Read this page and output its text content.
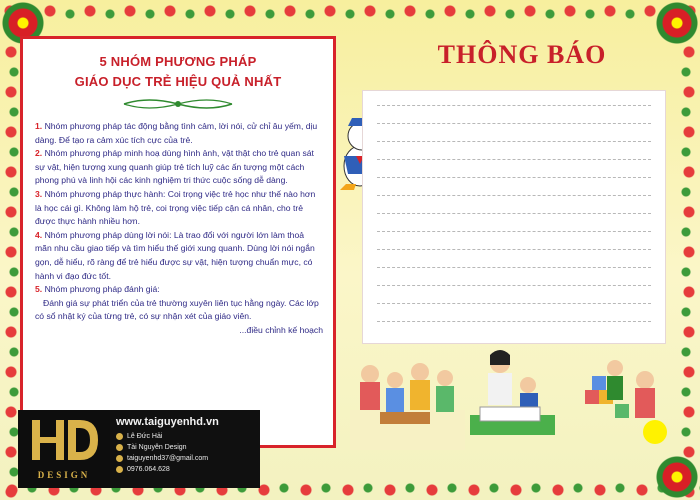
5 NHÓM PHƯƠNG PHÁP
GIÁO DỤC TRẺ HIỆU QUẢ NHẤT

1. Nhóm phương pháp tác động bằng tình cảm, lời nói, cử chỉ âu yếm, dịu dàng. Để tạo ra cảm xúc tích cực của trẻ.

2. Nhóm phương pháp minh hoạ dùng hình ảnh, vật thật cho trẻ quan sát sự vật, hiện tượng xung quanh giúp trẻ tích luỹ các ấn tượng một cách phong phú và linh hội các kinh nghiệm tri thức cuộc sống dễ dàng.

3. Nhóm phương pháp thực hành: Coi trọng việc trẻ học như thế nào hơn là học cái gì. Không làm hộ trẻ, coi trọng việc tiếp cận cá nhân, cho trẻ được thực hành nhiều hơn.

4. Nhóm phương pháp dùng lời nói: Là trao đổi với người lớn làm thoả mãn nhu cầu giao tiếp và tìm hiểu thế giới xung quanh. Dùng lời nói ngắn gọn, dễ hiểu, rõ ràng để trẻ hiểu được sự vật, hiện tượng chuẩn mực, có hành vi đạo đức tốt.

5. Nhóm phương pháp đánh giá:

Đánh giá sự phát triển của trẻ thường xuyên liên tục hằng ngày. Các lớp có sổ nhật ký của từng trẻ, có sự nhận xét của giáo viên.

...điều chỉnh kế hoạch

THÔNG BÁO
DESIGN
www.taiguyenhd.vn
Lê Đức Hải
Tài Nguyên Design
taiguyenhd37@gmail.com
0976.064.628
